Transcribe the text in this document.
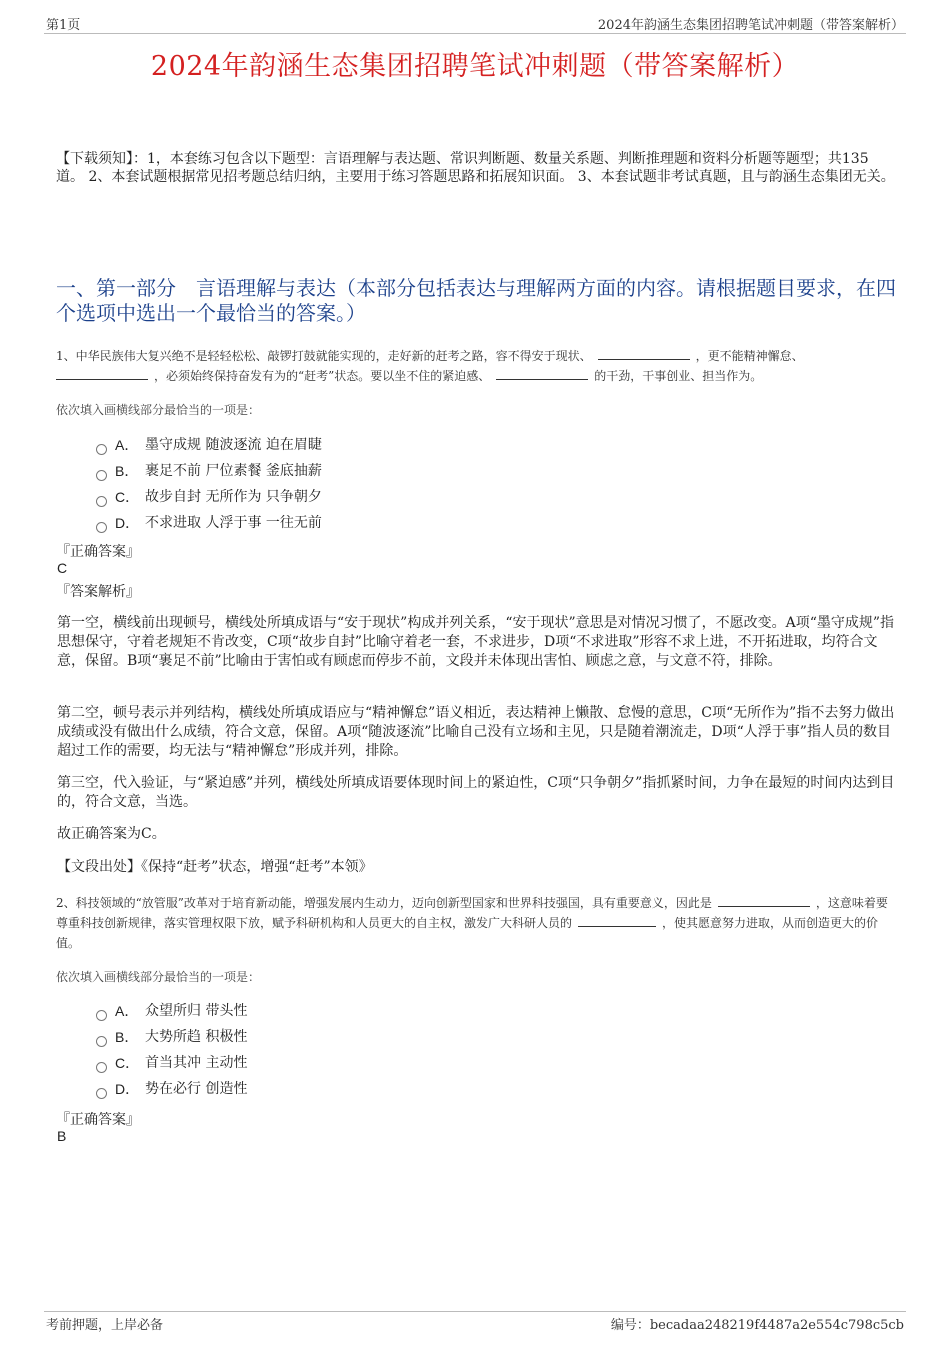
第1页	2024年韵涵生态集团招聘笔试冲刺题（带答案解析）
2024年韵涵生态集团招聘笔试冲刺题（带答案解析）
【下载须知】：1，本套练习包含以下题型：言语理解与表达题、常识判断题、数量关系题、判断推理题和资料分析题等题型；共135道。 2、本套试题根据常见招考题总结归纳，主要用于练习答题思路和拓展知识面。 3、本套试题非考试真题，且与韵涵生态集团无关。
一、第一部分　言语理解与表达（本部分包括表达与理解两方面的内容。请根据题目要求，在四个选项中选出一个最恰当的答案。）
1、中华民族伟大复兴绝不是轻轻松松、敲锣打鼓就能实现的，走好新的赶考之路，容不得安于现状、	，更不能精神懈怠、
，必须始终保持奋发有为的“赶考”状态。要以坐不住的紧迫感、	的干劲，干事创业、担当作为。
依次填入画横线部分最恰当的一项是：
A． 墨守成规 随波逐流 迫在眉睫
B． 裹足不前 尸位素餐 釜底抽薪
C． 故步自封 无所作为 只争朝夕
D． 不求进取 人浮于事 一往无前
『正确答案』
C
『答案解析』
第一空，横线前出现顿号，横线处所填成语与“安于现状”构成并列关系，“安于现状”意思是对情况习惯了，不愿改变。A项“墨守成规”指思想保守，守着老规矩不肯改变，C项“故步自封”比喻守着老一套，不求进步，D项“不求进取”形容不求上进，不开拓进取，均符合文意，保留。B项“裹足不前”比喻由于害怕或有顾虑而停步不前，文段并未体现出害怕、顾虑之意，与文意不符，排除。
第二空，顿号表示并列结构，横线处所填成语应与“精神懈怠”语义相近，表达精神上懒散、怠慢的意思，C项“无所作为”指不去努力做出成绩或没有做出什么成绩，符合文意，保留。A项“随波逐流”比喻自己没有立场和主见，只是随着潮流走，D项“人浮于事”指人员的数目超过工作的需要，均无法与“精神懈怠”形成并列，排除。
第三空，代入验证，与“紧迫感”并列，横线处所填成语要体现时间上的紧迫性，C项“只争朝夕”指抓紧时间，力争在最短的时间内达到目的，符合文意，当选。
故正确答案为C。
【文段出处】《保持“赶考”状态，增强“赶考”本领》
2、科技领域的“放管服”改革对于培育新动能，增强发展内生动力，迈向创新型国家和世界科技强国，具有重要意义，因此是	，这意味着要尊重科技创新规律，落实管理权限下放，赋予科研机构和人员更大的自主权，激发广大科研人员的	，使其愿意努力进取，从而创造更大的价值。
依次填入画横线部分最恰当的一项是：
A． 众望所归 带头性
B． 大势所趋 积极性
C． 首当其冲 主动性
D． 势在必行 创造性
『正确答案』
B
考前押题，上岸必备	编号：becadaa248219f4487a2e554c798c5cb
